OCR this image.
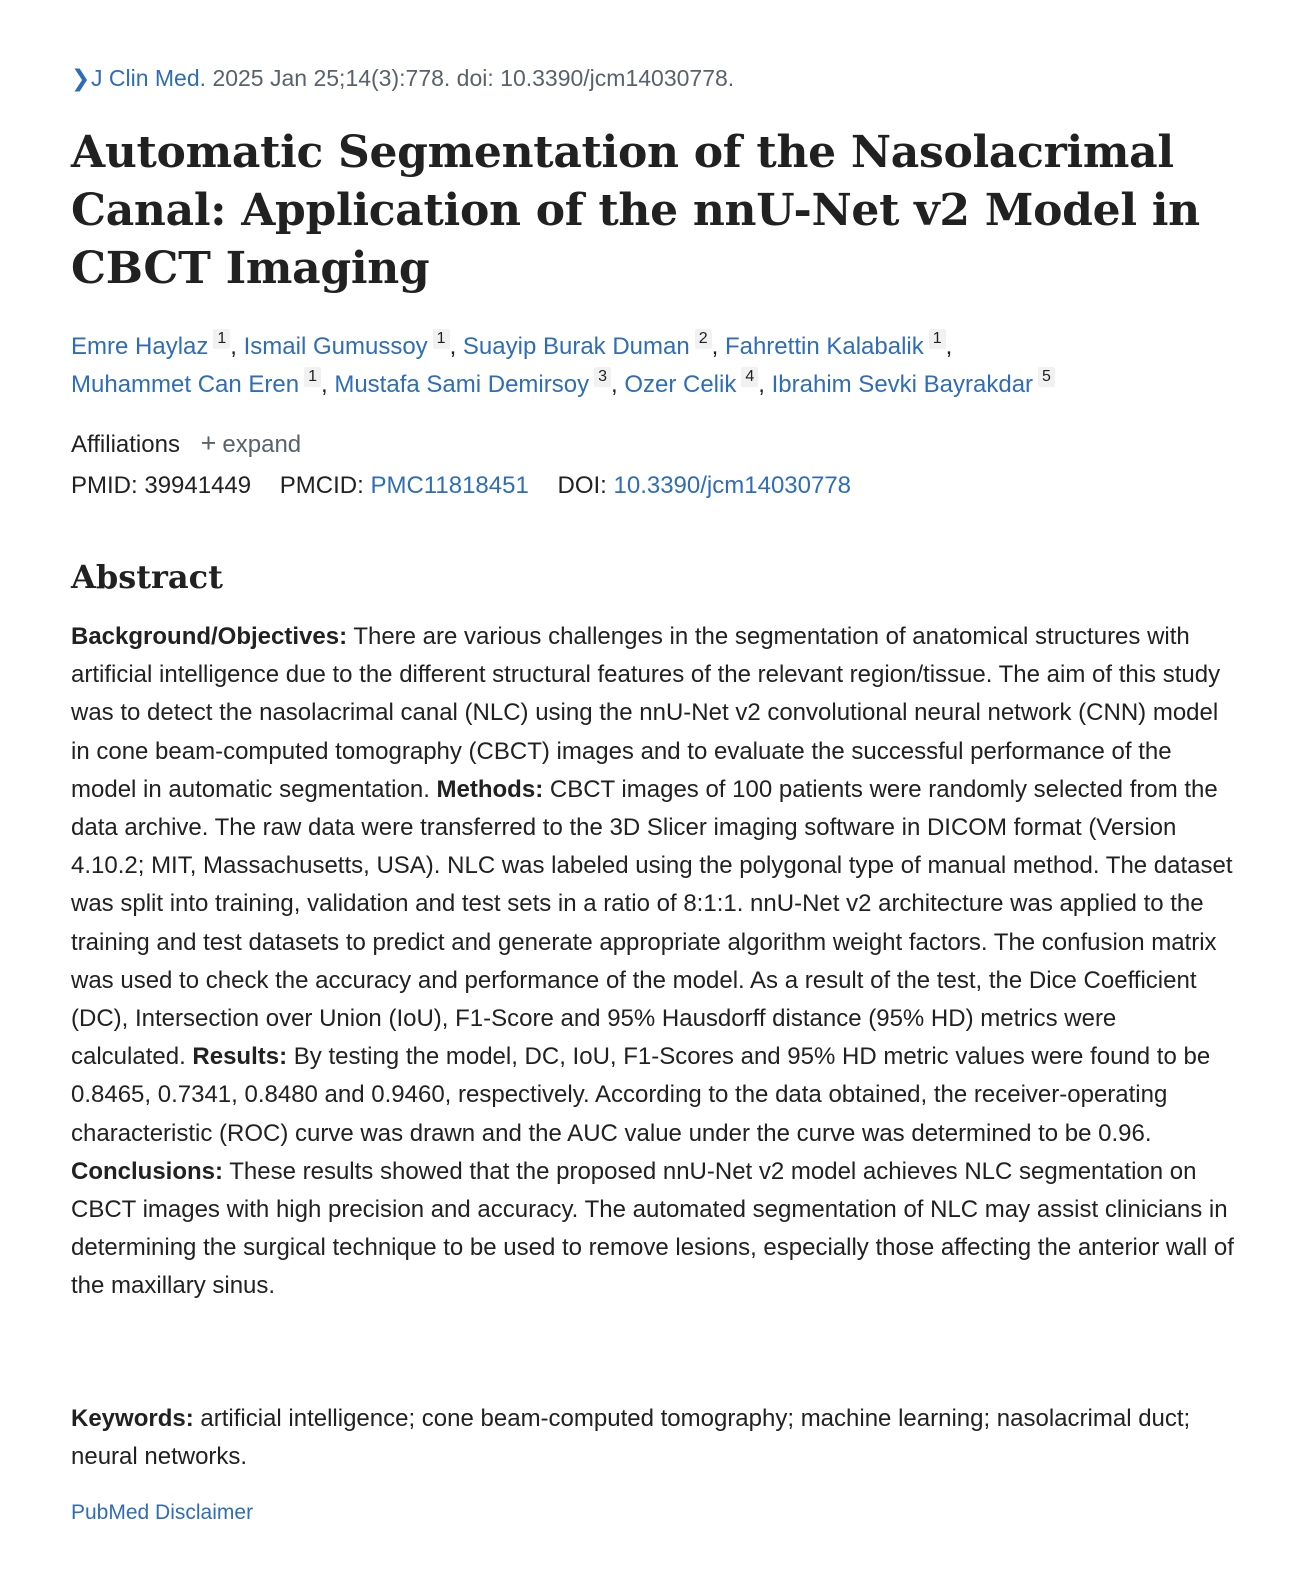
❯J Clin Med. 2025 Jan 25;14(3):778. doi: 10.3390/jcm14030778.
Automatic Segmentation of the Nasolacrimal Canal: Application of the nnU-Net v2 Model in CBCT Imaging
Emre Haylaz 1 , Ismail Gumussoy 1 , Suayip Burak Duman 2 , Fahrettin Kalabalik 1 ,
Muhammet Can Eren 1 , Mustafa Sami Demirsoy 3 , Ozer Celik 4 , Ibrahim Sevki Bayrakdar 5
Affiliations + expand
PMID: 39941449 PMCID: PMC11818451 DOI: 10.3390/jcm14030778
Abstract

Background/Objectives: There are various challenges in the segmentation of anatomical structures with artificial intelligence due to the different structural features of the relevant region/tissue. The aim of this study was to detect the nasolacrimal canal (NLC) using the nnU-Net v2 convolutional neural network (CNN) model in cone beam-computed tomography (CBCT) images and to evaluate the successful performance of the model in automatic segmentation. Methods: CBCT images of 100 patients were randomly selected from the data archive. The raw data were transferred to the 3D Slicer imaging software in DICOM format (Version 4.10.2; MIT, Massachusetts, USA). NLC was labeled using the polygonal type of manual method. The dataset was split into training, validation and test sets in a ratio of 8:1:1. nnU-Net v2 architecture was applied to the training and test datasets to predict and generate appropriate algorithm weight factors. The confusion matrix was used to check the accuracy and performance of the model. As a result of the test, the Dice Coefficient (DC), Intersection over Union (IoU), F1-Score and 95% Hausdorff distance (95% HD) metrics were calculated. Results: By testing the model, DC, IoU, F1-Scores and 95% HD metric values were found to be 0.8465, 0.7341, 0.8480 and 0.9460, respectively. According to the data obtained, the receiver-operating characteristic (ROC) curve was drawn and the AUC value under the curve was determined to be 0.96. Conclusions: These results showed that the proposed nnU-Net v2 model achieves NLC segmentation on CBCT images with high precision and accuracy. The automated segmentation of NLC may assist clinicians in determining the surgical technique to be used to remove lesions, especially those affecting the anterior wall of the maxillary sinus.

Keywords: artificial intelligence; cone beam-computed tomography; machine learning; nasolacrimal duct; neural networks.

PubMed Disclaimer
